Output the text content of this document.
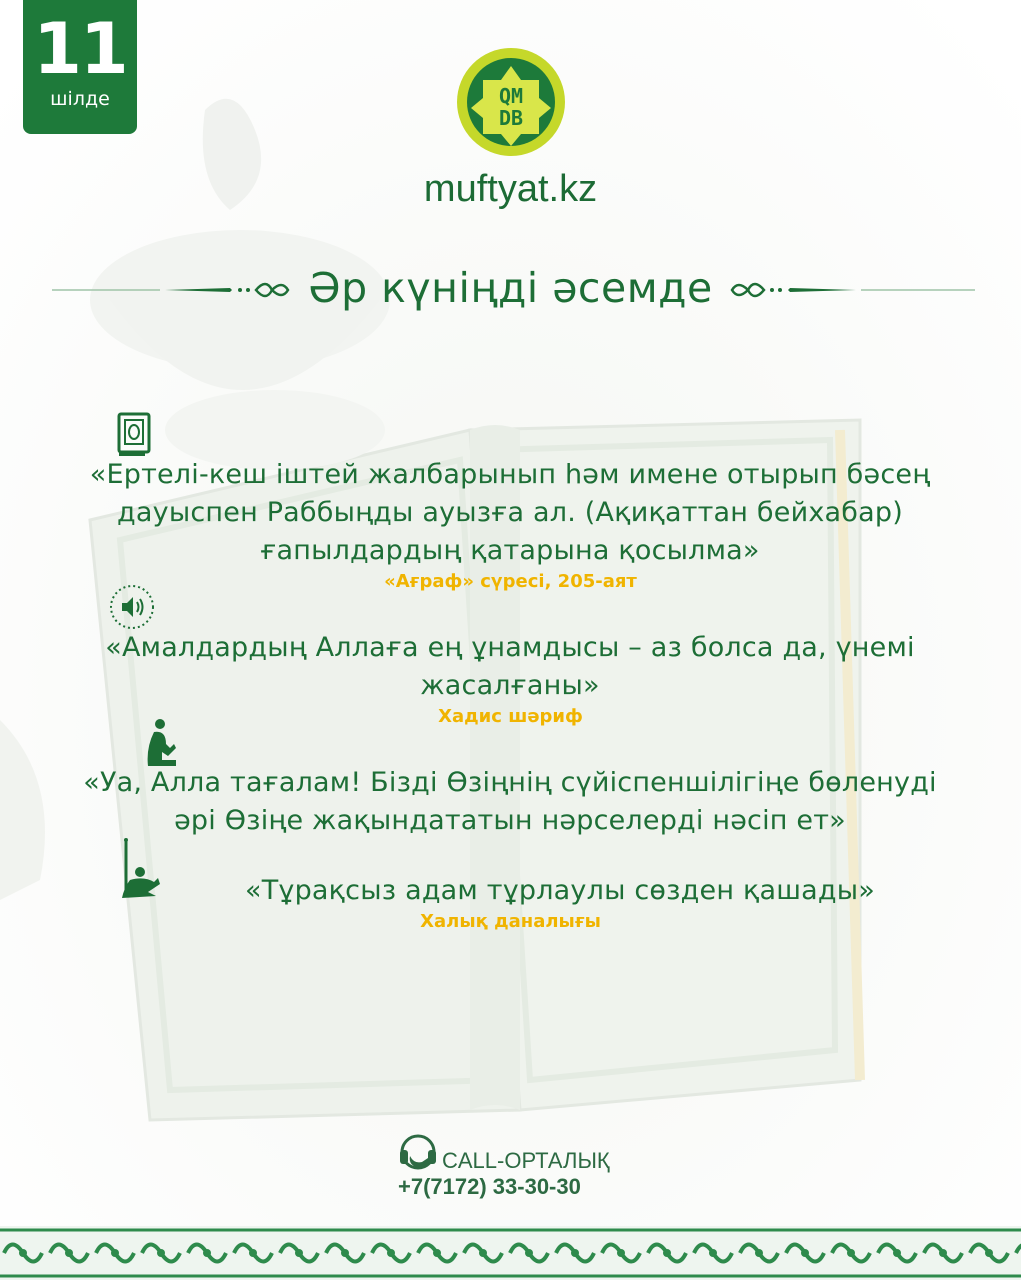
11
шілде	QM
DB
muftyat.kz
Әр күніңді әсемде
«Ертелі-кеш іштей жалбарынып һәм имене отырып бәсең дауыспен Раббыңды ауызға ал. (Ақиқаттан бейхабар) ғапылдардың қатарына қосылма»
«Ағраф» сүресі, 205-аят
«Амалдардың Аллаға ең ұнамдысы – аз болса да, үнемі жасалғаны»
Хадис шәриф
«Уа, Алла тағалам! Бізді Өзіңнің сүйіспеншілігіңе бөленуді әрі Өзіңе жақындататын нәрселерді нәсіп ет»
«Тұрақсыз адам тұрлаулы сөзден қашады»
Халық даналығы
CALL-ОРТАЛЫҚ
+7(7172) 33-30-30
